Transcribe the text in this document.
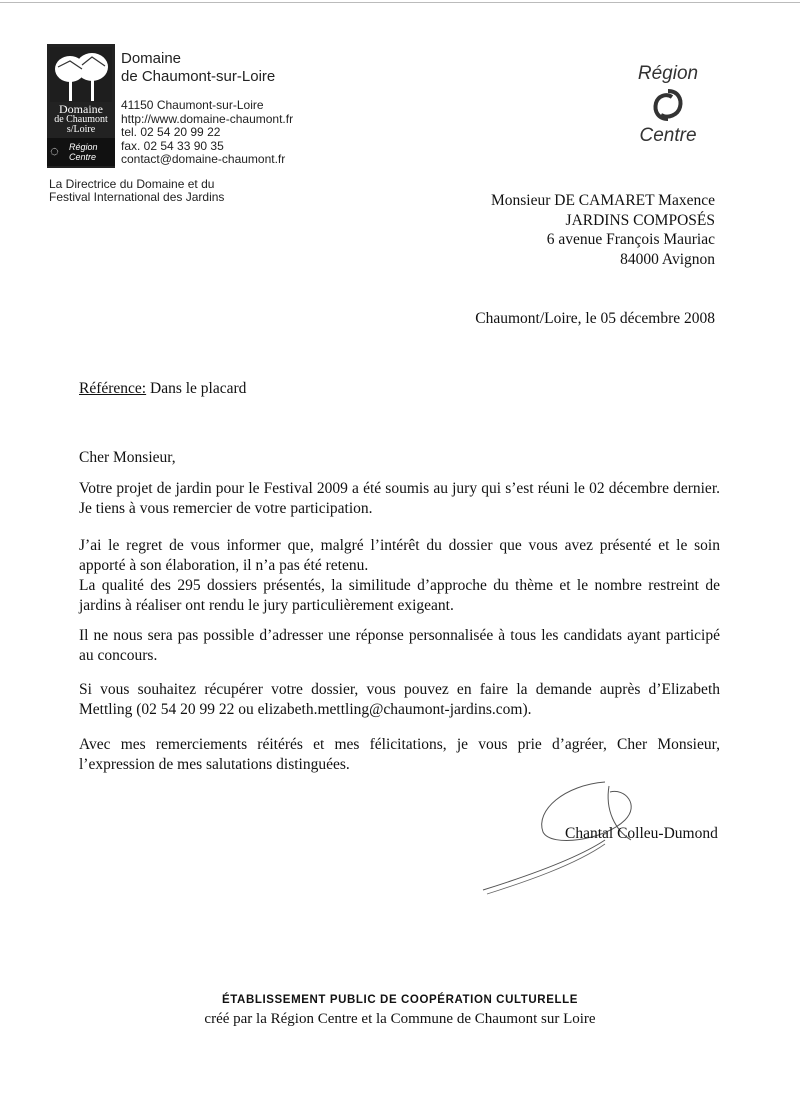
Domaine
de Chaumont
s/Loire
◌ Région
Centre
Domaine
de Chaumont-sur-Loire
41150 Chaumont-sur-Loire
http://www.domaine-chaumont.fr
tel. 02 54 20 99 22
fax. 02 54 33 90 35
contact@domaine-chaumont.fr
La Directrice du Domaine et du
Festival International des Jardins
Région
Centre
Monsieur DE CAMARET Maxence
JARDINS COMPOSÉS
6 avenue François Mauriac
84000 Avignon
Chaumont/Loire, le 05 décembre 2008
Référence: Dans le placard
Cher Monsieur,
Votre projet de jardin pour le Festival 2009 a été soumis au jury qui s’est réuni le 02 décembre dernier. Je tiens à vous remercier de votre participation.
J’ai le regret de vous informer que, malgré l’intérêt du dossier que vous avez présenté et le soin apporté à son élaboration, il n’a pas été retenu.
La qualité des 295 dossiers présentés, la similitude d’approche du thème et le nombre restreint de jardins à réaliser ont rendu le jury particulièrement exigeant.
Il ne nous sera pas possible d’adresser une réponse personnalisée à tous les candidats ayant participé au concours.
Si vous souhaitez récupérer votre dossier, vous pouvez en faire la demande auprès d’Elizabeth Mettling (02 54 20 99 22 ou elizabeth.mettling@chaumont-jardins.com).
Avec mes remerciements réitérés et mes félicitations, je vous prie d’agréer, Cher Monsieur, l’expression de mes salutations distinguées.
Chantal Colleu-Dumond
ÉTABLISSEMENT PUBLIC DE COOPÉRATION CULTURELLE
créé par la Région Centre et la Commune de Chaumont sur Loire
